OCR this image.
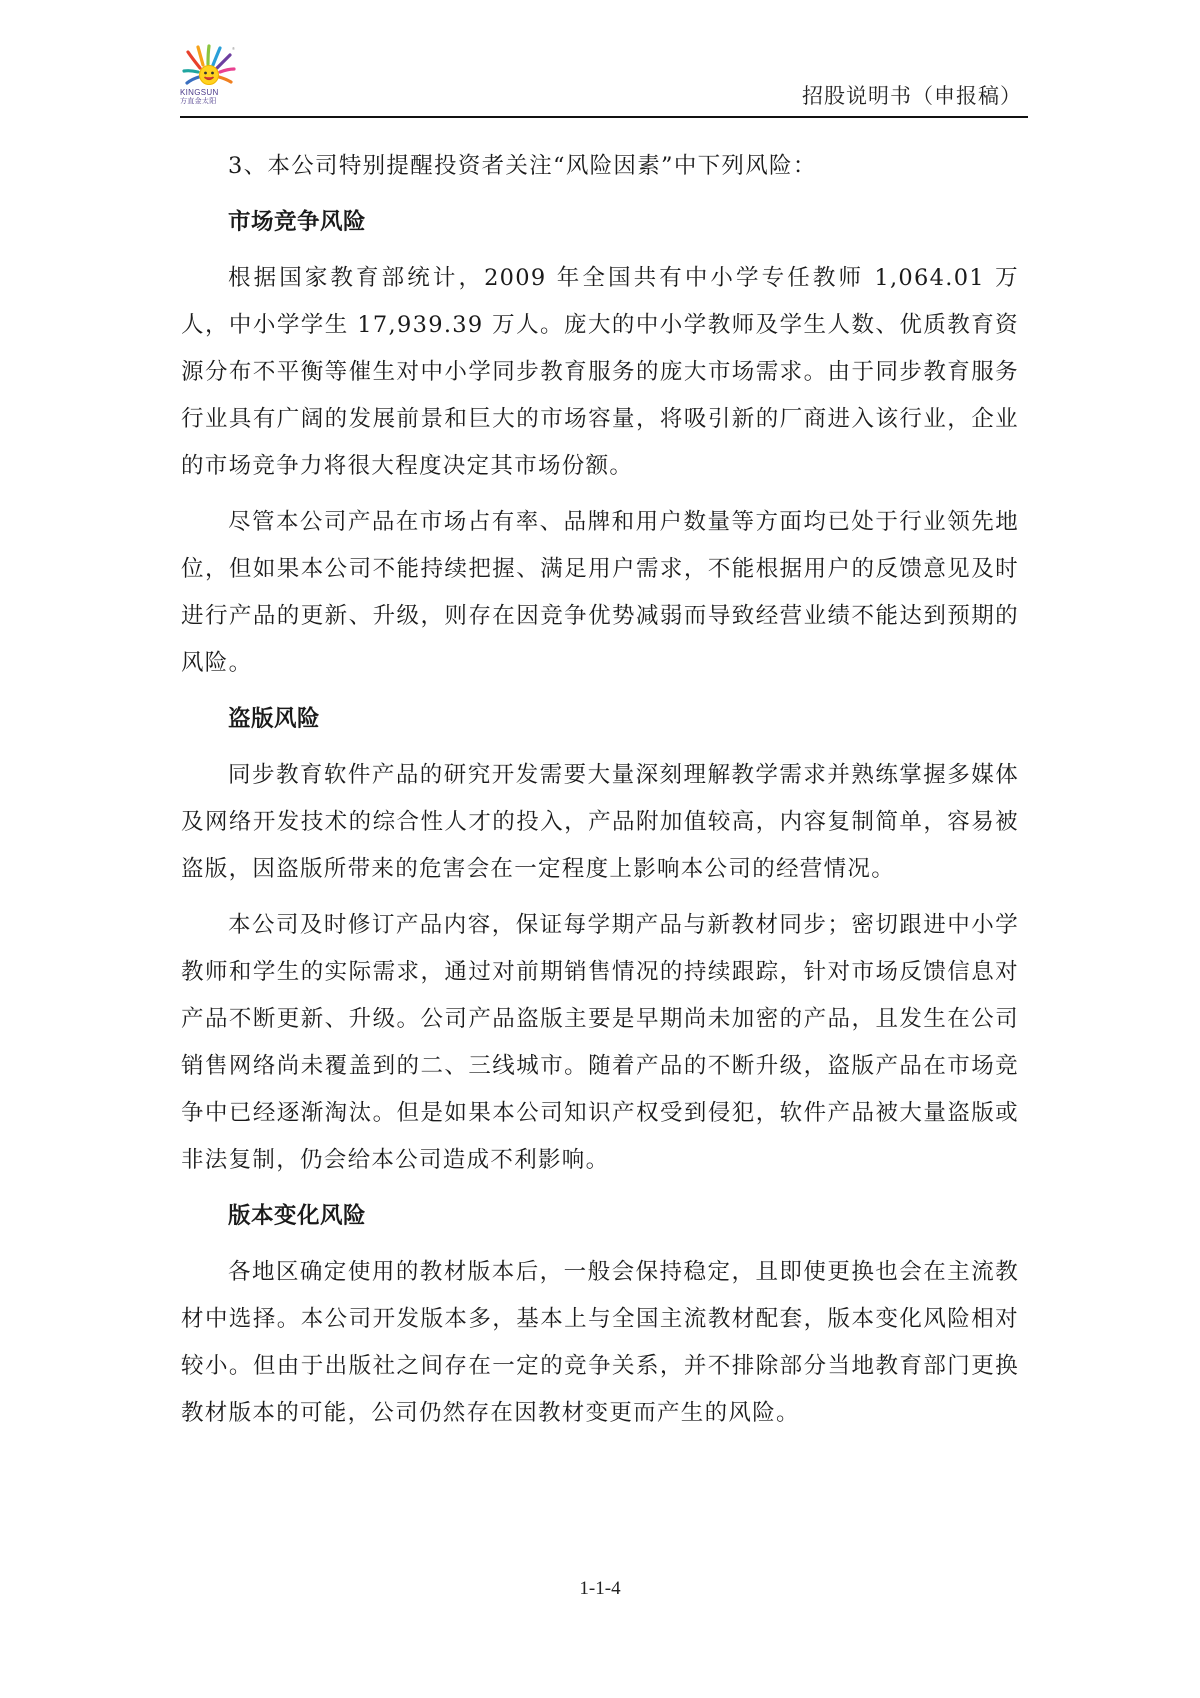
®
KINGSUN
方直金太阳	招股说明书（申报稿）

3、本公司特别提醒投资者关注“风险因素”中下列风险：

市场竞争风险

根据国家教育部统计，2009 年全国共有中小学专任教师 1,064.01 万人，中小学学生 17,939.39 万人。庞大的中小学教师及学生人数、优质教育资源分布不平衡等催生对中小学同步教育服务的庞大市场需求。由于同步教育服务行业具有广阔的发展前景和巨大的市场容量，将吸引新的厂商进入该行业，企业的市场竞争力将很大程度决定其市场份额。

尽管本公司产品在市场占有率、品牌和用户数量等方面均已处于行业领先地位，但如果本公司不能持续把握、满足用户需求，不能根据用户的反馈意见及时进行产品的更新、升级，则存在因竞争优势减弱而导致经营业绩不能达到预期的风险。

盗版风险

同步教育软件产品的研究开发需要大量深刻理解教学需求并熟练掌握多媒体及网络开发技术的综合性人才的投入，产品附加值较高，内容复制简单，容易被盗版，因盗版所带来的危害会在一定程度上影响本公司的经营情况。

本公司及时修订产品内容，保证每学期产品与新教材同步；密切跟进中小学教师和学生的实际需求，通过对前期销售情况的持续跟踪，针对市场反馈信息对产品不断更新、升级。公司产品盗版主要是早期尚未加密的产品，且发生在公司销售网络尚未覆盖到的二、三线城市。随着产品的不断升级，盗版产品在市场竞争中已经逐渐淘汰。但是如果本公司知识产权受到侵犯，软件产品被大量盗版或非法复制，仍会给本公司造成不利影响。

版本变化风险

各地区确定使用的教材版本后，一般会保持稳定，且即使更换也会在主流教材中选择。本公司开发版本多，基本上与全国主流教材配套，版本变化风险相对较小。但由于出版社之间存在一定的竞争关系，并不排除部分当地教育部门更换教材版本的可能，公司仍然存在因教材变更而产生的风险。

1-1-4
